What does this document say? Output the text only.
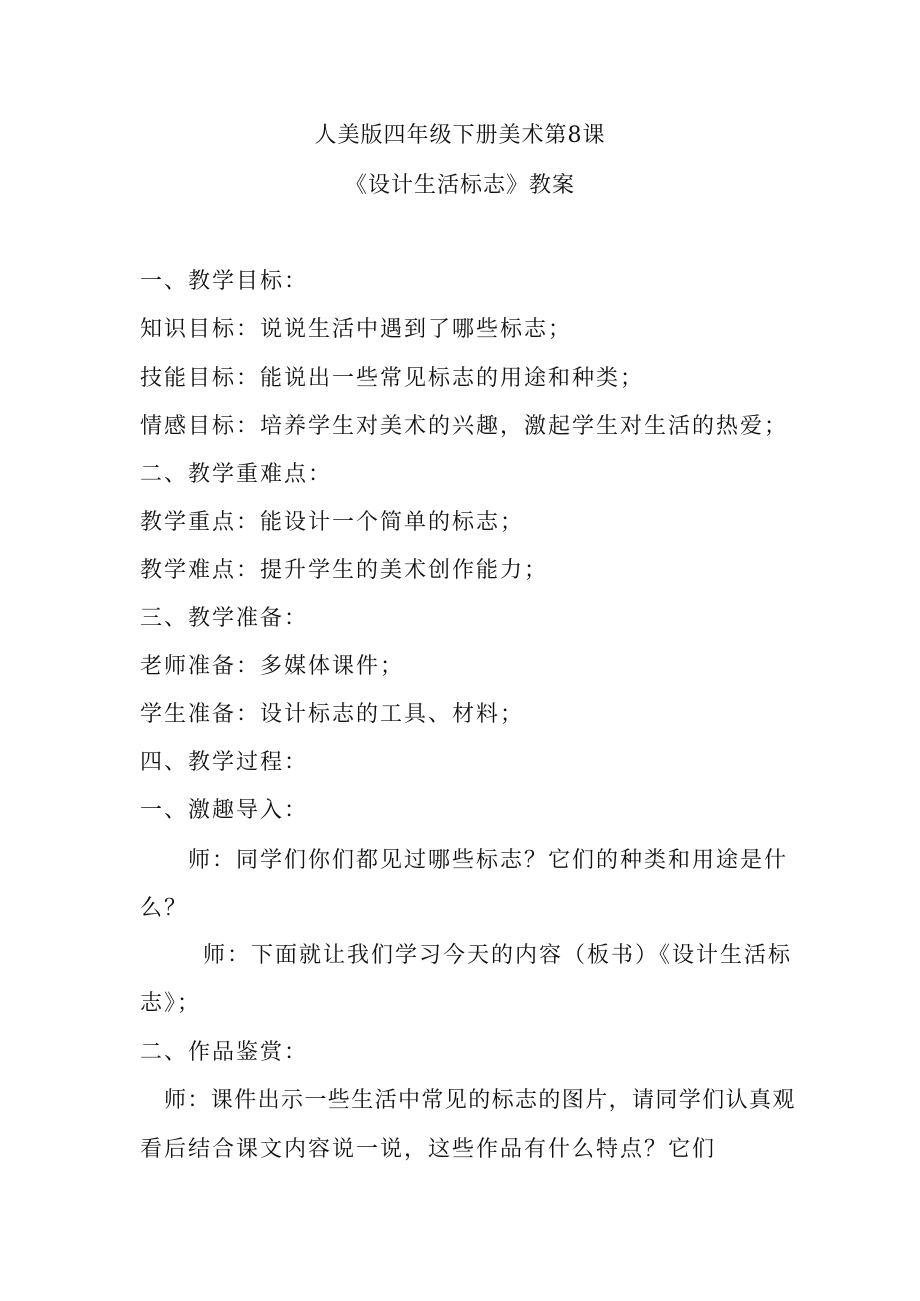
人美版四年级下册美术第8课
《设计生活标志》教案
一、教学目标：
知识目标：说说生活中遇到了哪些标志；
技能目标：能说出一些常见标志的用途和种类；
情感目标：培养学生对美术的兴趣，激起学生对生活的热爱；
二、教学重难点：
教学重点：能设计一个简单的标志；
教学难点：提升学生的美术创作能力；
三、教学准备：
老师准备：多媒体课件；
学生准备：设计标志的工具、材料；
四、教学过程：
一、激趣导入：
师：同学们你们都见过哪些标志？它们的种类和用途是什
么？
师：下面就让我们学习今天的内容（板书）《设计生活标
志》；
二、作品鉴赏：
师：课件出示一些生活中常见的标志的图片，请同学们认真观
看后结合课文内容说一说，这些作品有什么特点？它们
